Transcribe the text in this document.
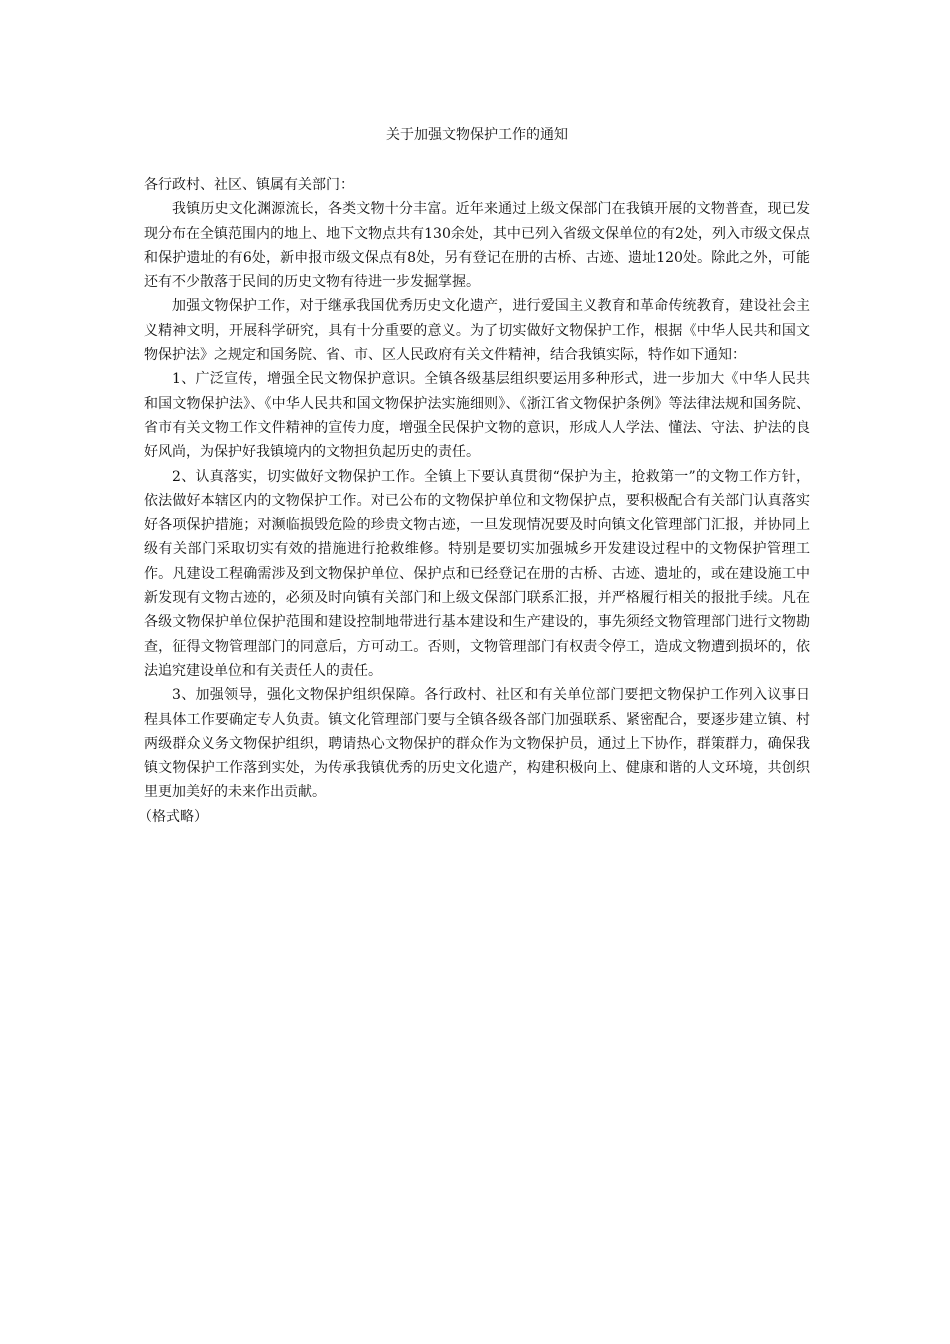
关于加强文物保护工作的通知

各行政村、社区、镇属有关部门：

我镇历史文化渊源流长，各类文物十分丰富。近年来通过上级文保部门在我镇开展的文物普查，现已发现分布在全镇范围内的地上、地下文物点共有130余处，其中已列入省级文保单位的有2处，列入市级文保点和保护遗址的有6处，新申报市级文保点有8处，另有登记在册的古桥、古迹、遗址120处。除此之外，可能还有不少散落于民间的历史文物有待进一步发掘掌握。

加强文物保护工作，对于继承我国优秀历史文化遗产，进行爱国主义教育和革命传统教育，建设社会主义精神文明，开展科学研究，具有十分重要的意义。为了切实做好文物保护工作，根据《中华人民共和国文物保护法》之规定和国务院、省、市、区人民政府有关文件精神，结合我镇实际，特作如下通知：

1、广泛宣传，增强全民文物保护意识。全镇各级基层组织要运用多种形式，进一步加大《中华人民共和国文物保护法》、《中华人民共和国文物保护法实施细则》、《浙江省文物保护条例》等法律法规和国务院、省市有关文物工作文件精神的宣传力度，增强全民保护文物的意识，形成人人学法、懂法、守法、护法的良好风尚，为保护好我镇境内的文物担负起历史的责任。

2、认真落实，切实做好文物保护工作。全镇上下要认真贯彻“保护为主，抢救第一”的文物工作方针，依法做好本辖区内的文物保护工作。对已公布的文物保护单位和文物保护点，要积极配合有关部门认真落实好各项保护措施；对濒临损毁危险的珍贵文物古迹，一旦发现情况要及时向镇文化管理部门汇报，并协同上级有关部门采取切实有效的措施进行抢救维修。特别是要切实加强城乡开发建设过程中的文物保护管理工作。凡建设工程确需涉及到文物保护单位、保护点和已经登记在册的古桥、古迹、遗址的，或在建设施工中新发现有文物古迹的，必须及时向镇有关部门和上级文保部门联系汇报，并严格履行相关的报批手续。凡在各级文物保护单位保护范围和建设控制地带进行基本建设和生产建设的，事先须经文物管理部门进行文物勘查，征得文物管理部门的同意后，方可动工。否则，文物管理部门有权责令停工，造成文物遭到损坏的，依法追究建设单位和有关责任人的责任。

3、加强领导，强化文物保护组织保障。各行政村、社区和有关单位部门要把文物保护工作列入议事日程具体工作要确定专人负责。镇文化管理部门要与全镇各级各部门加强联系、紧密配合，要逐步建立镇、村两级群众义务文物保护组织，聘请热心文物保护的群众作为文物保护员，通过上下协作，群策群力，确保我镇文物保护工作落到实处，为传承我镇优秀的历史文化遗产，构建积极向上、健康和谐的人文环境，共创织里更加美好的未来作出贡献。

（格式略）
